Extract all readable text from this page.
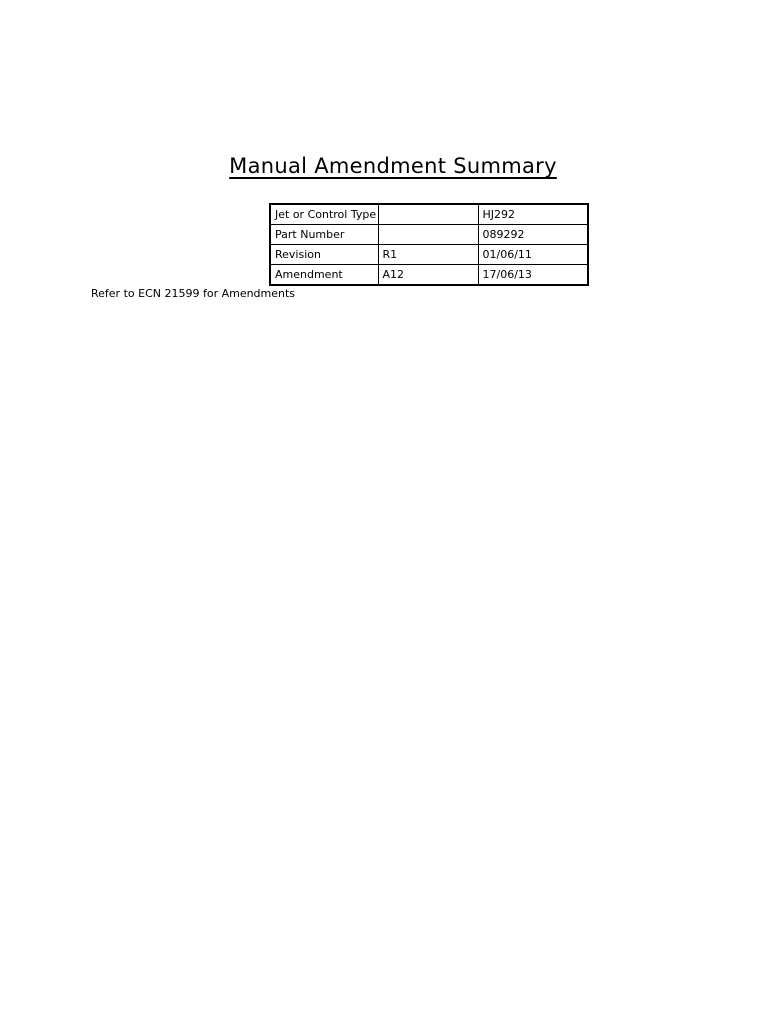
Manual Amendment Summary
Jet or Control Type		HJ292
Part Number		089292
Revision	R1	01/06/11
Amendment	A12	17/06/13
Refer to ECN 21599 for Amendments
